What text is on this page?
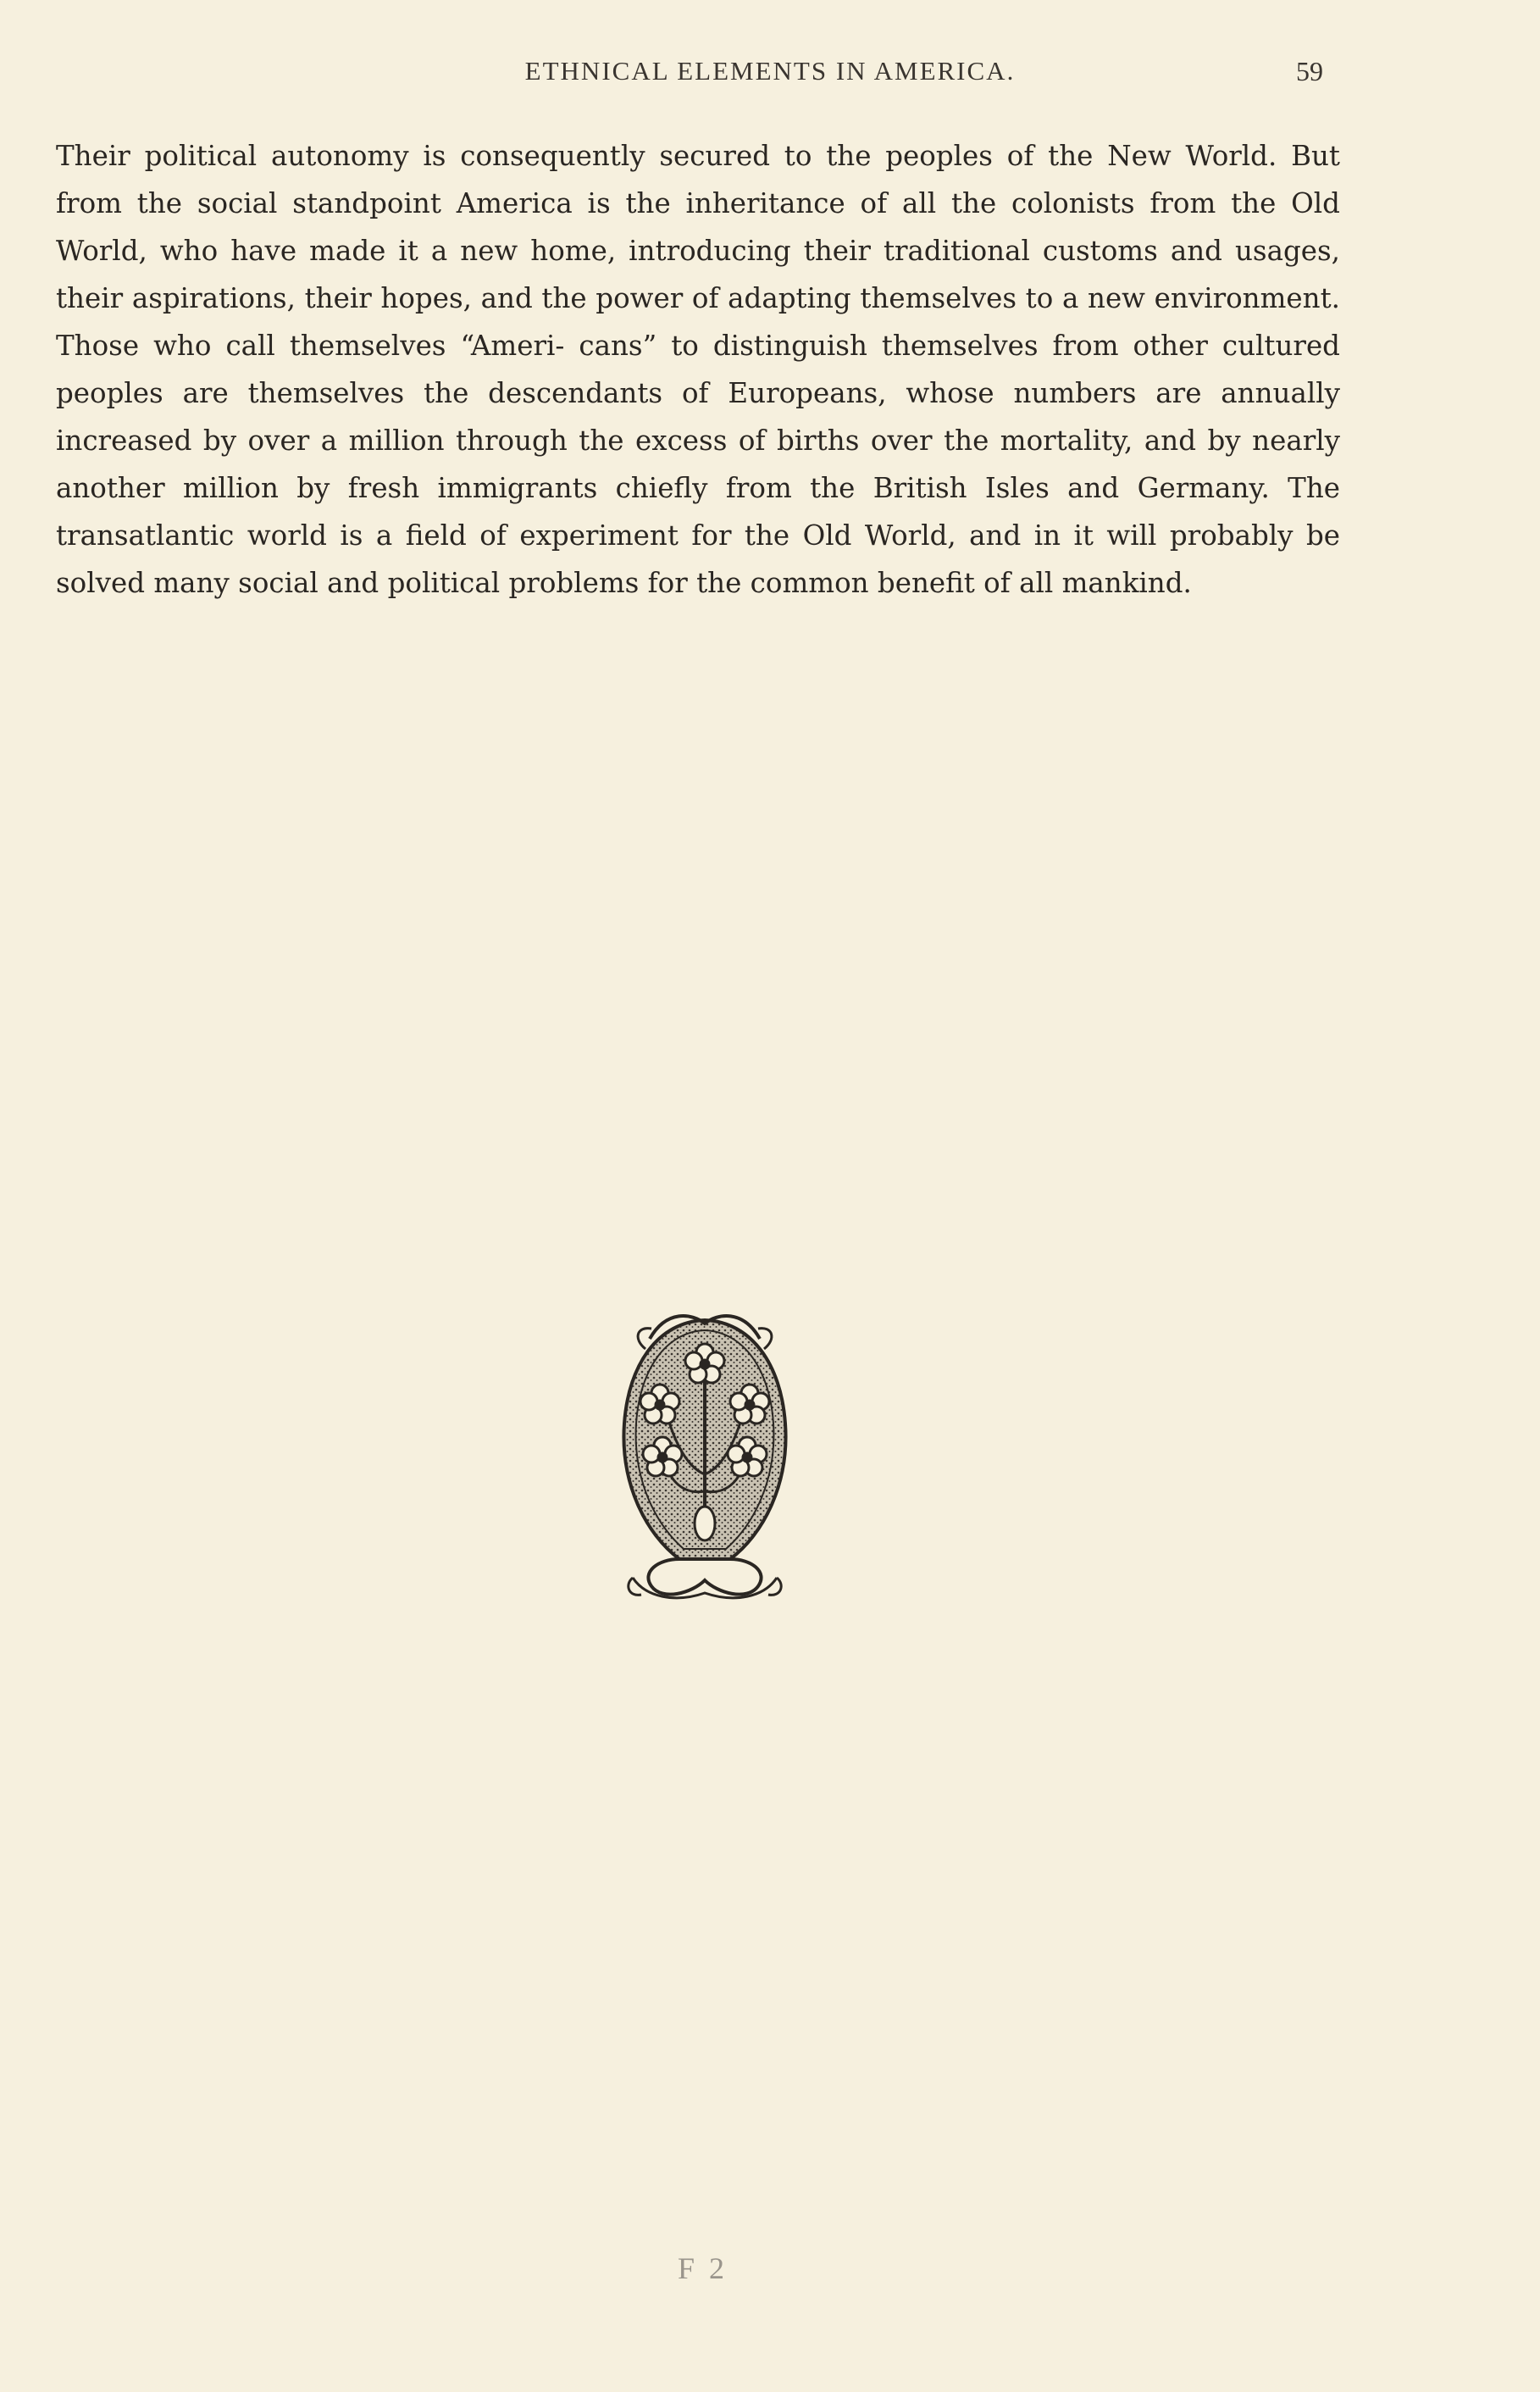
ETHNICAL ELEMENTS IN AMERICA.	59

Their political autonomy is consequently secured to the peoples of the New World. But from the social standpoint America is the inheritance of all the colonists from the Old World, who have made it a new home, introducing their traditional customs and usages, their aspirations, their hopes, and the power of adapting themselves to a new environment. Those who call themselves “Ameri- cans” to distinguish themselves from other cultured peoples are themselves the descendants of Europeans, whose numbers are annually increased by over a million through the excess of births over the mortality, and by nearly another million by fresh immigrants chiefly from the British Isles and Germany. The transatlantic world is a field of experiment for the Old World, and in it will probably be solved many social and political problems for the common benefit of all mankind.

F 2
